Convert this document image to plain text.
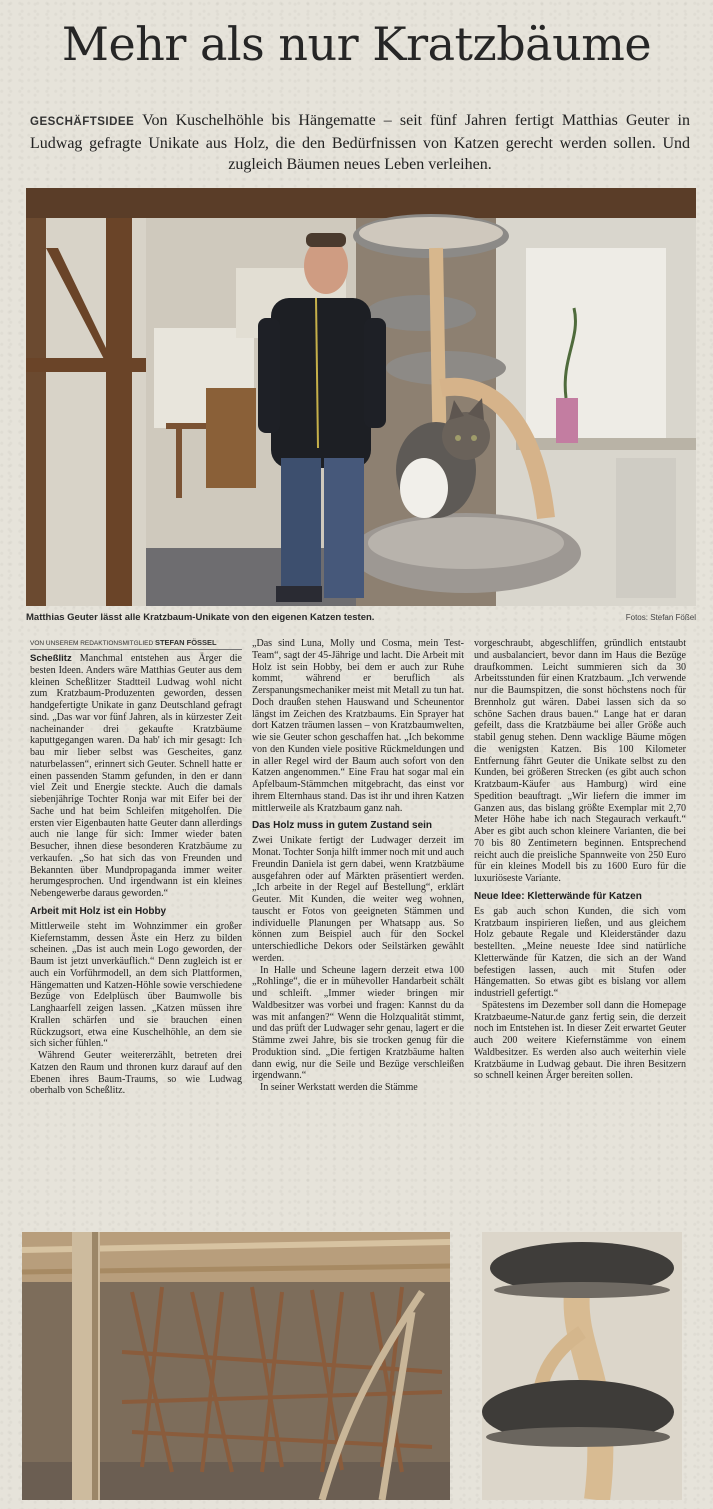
Mehr als nur Kratzbäume
GESCHÄFTSIDEE Von Kuschelhöhle bis Hängematte – seit fünf Jahren fertigt Matthias Geuter in Ludwag gefragte Unikate aus Holz, die den Bedürfnissen von Katzen gerecht werden sollen. Und zugleich Bäumen neues Leben verleihen.
Matthias Geuter lässt alle Kratzbaum-Unikate von den eigenen Katzen testen.	Fotos: Stefan Fößel
VON UNSEREM REDAKTIONSMITGLIED STEFAN FÖSSEL

Scheßlitz Manchmal entstehen aus Ärger die besten Ideen. Anders wäre Matthias Geuter aus dem kleinen Scheßlitzer Stadtteil Ludwag wohl nicht zum Kratzbaum-Produzenten geworden, dessen handgefertigte Unikate in ganz Deutschland gefragt sind. „Das war vor fünf Jahren, als in kürzester Zeit nacheinander drei gekaufte Kratzbäume kaputtgegangen waren. Da hab' ich mir gesagt: Ich bau mir lieber selbst was Gescheites, ganz naturbelassen“, erinnert sich Geuter. Schnell hatte er einen passenden Stamm gefunden, in den er dann viel Zeit und Energie steckte. Auch die damals siebenjährige Tochter Ronja war mit Eifer bei der Sache und hat beim Schleifen mitgeholfen. Die ersten vier Eigenbauten hatte Geuter dann allerdings auch nie lange für sich: Immer wieder baten Besucher, ihnen diese besonderen Kratzbäume zu verkaufen. „So hat sich das von Freunden und Bekannten über Mundpropaganda immer weiter herumgesprochen. Und irgendwann ist ein kleines Nebengewerbe daraus geworden.“

Arbeit mit Holz ist ein Hobby

Mittlerweile steht im Wohnzimmer ein großer Kiefernstamm, dessen Äste ein Herz zu bilden scheinen. „Das ist auch mein Logo geworden, der Baum ist jetzt unverkäuflich.“ Denn zugleich ist er auch ein Vorführmodell, an dem sich Plattformen, Hängematten und Katzen-Höhle sowie verschiedene Bezüge von Edelplüsch über Baumwolle bis Langhaarfell zeigen lassen. „Katzen müssen ihre Krallen schärfen und sie brauchen einen Rückzugsort, etwa eine Kuschelhöhle, an dem sie sich sicher fühlen.“

Während Geuter weitererzählt, betreten drei Katzen den Raum und thronen kurz darauf auf den Ebenen ihres Baum-Traums, so wie Ludwag oberhalb von Scheßlitz.

„Das sind Luna, Molly und Cosma, mein Test-Team“, sagt der 45-Jährige und lacht. Die Arbeit mit Holz ist sein Hobby, bei dem er auch zur Ruhe kommt, während er beruflich als Zerspanungsmechaniker meist mit Metall zu tun hat. Doch draußen stehen Hauswand und Scheunentor längst im Zeichen des Kratzbaums. Ein Sprayer hat dort Katzen träumen lassen – von Kratzbaumwelten, wie sie Geuter schon geschaffen hat. „Ich bekomme von den Kunden viele positive Rückmeldungen und in aller Regel wird der Baum auch sofort von den Katzen angenommen.“ Eine Frau hat sogar mal ein Apfelbaum-Stämmchen mitgebracht, das einst vor ihrem Elternhaus stand. Das ist ihr und ihren Katzen mittlerweile als Kratzbaum ganz nah.

Das Holz muss in gutem Zustand sein

Zwei Unikate fertigt der Ludwager derzeit im Monat. Tochter Sonja hilft immer noch mit und auch Freundin Daniela ist gern dabei, wenn Kratzbäume ausgefahren oder auf Märkten präsentiert werden. „Ich arbeite in der Regel auf Bestellung“, erklärt Geuter. Mit Kunden, die weiter weg wohnen, tauscht er Fotos von geeigneten Stämmen und individuelle Planungen per Whatsapp aus. So können zum Beispiel auch für den Sockel unterschiedliche Dekors oder Seilstärken gewählt werden.

In Halle und Scheune lagern derzeit etwa 100 „Rohlinge“, die er in mühevoller Handarbeit schält und schleift. „Immer wieder bringen mir Waldbesitzer was vorbei und fragen: Kannst du da was mit anfangen?“ Wenn die Holzqualität stimmt, und das prüft der Ludwager sehr genau, lagert er die Stämme zwei Jahre, bis sie trocken genug für die Produktion sind. „Die fertigen Kratzbäume halten dann ewig, nur die Seile und Bezüge verschleißen irgendwann.“

In seiner Werkstatt werden die Stämme

vorgeschraubt, abgeschliffen, gründlich entstaubt und ausbalanciert, bevor dann im Haus die Bezüge draufkommen. Leicht summieren sich da 30 Arbeitsstunden für einen Kratzbaum. „Ich verwende nur die Baumspitzen, die sonst höchstens noch für Brennholz gut wären. Dabei lassen sich da so schöne Sachen draus bauen.“ Lange hat er daran gefeilt, dass die Kratzbäume bei aller Größe auch stabil genug stehen. Denn wacklige Bäume mögen die wenigsten Katzen. Bis 100 Kilometer Entfernung fährt Geuter die Unikate selbst zu den Kunden, bei größeren Strecken (es gibt auch schon Kratzbaum-Käufer aus Hamburg) wird eine Spedition beauftragt. „Wir liefern die immer im Ganzen aus, das bislang größte Exemplar mit 2,70 Meter Höhe habe ich nach Stegaurach verkauft.“ Aber es gibt auch schon kleinere Varianten, die bei 70 bis 80 Zentimetern beginnen. Entsprechend reicht auch die preisliche Spannweite von 250 Euro für ein kleines Modell bis zu 1600 Euro für die luxuriöseste Variante.

Neue Idee: Kletterwände für Katzen

Es gab auch schon Kunden, die sich vom Kratzbaum inspirieren ließen, und aus gleichem Holz gebaute Regale und Kleiderständer dazu bestellten. „Meine neueste Idee sind natürliche Kletterwände für Katzen, die sich an der Wand befestigen lassen, auch mit Stufen oder Hängematten. So etwas gibt es bislang vor allem industriell gefertigt.“

Spätestens im Dezember soll dann die Homepage Kratzbaeume-Natur.de ganz fertig sein, die derzeit noch im Entstehen ist. In dieser Zeit erwartet Geuter auch 200 weitere Kiefernstämme von einem Waldbesitzer. Es werden also auch weiterhin viele Kratzbäume in Ludwag gebaut. Die ihren Besitzern so schnell keinen Ärger bereiten sollen.
